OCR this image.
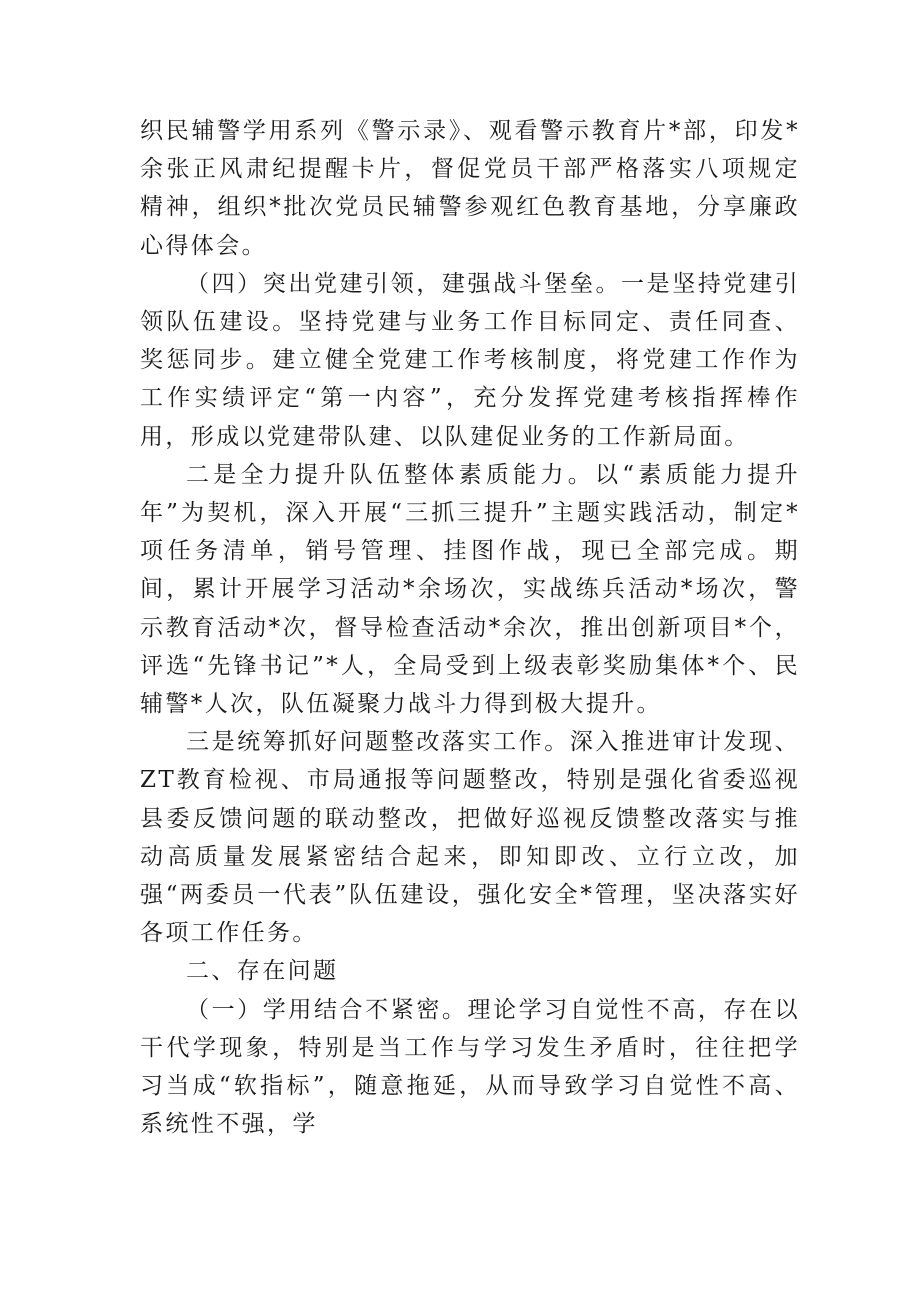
织民辅警学用系列《警示录》、观看警示教育片*部，印发*余张正风肃纪提醒卡片，督促党员干部严格落实八项规定精神，组织*批次党员民辅警参观红色教育基地，分享廉政心得体会。

（四）突出党建引领，建强战斗堡垒。一是坚持党建引领队伍建设。坚持党建与业务工作目标同定、责任同查、奖惩同步。建立健全党建工作考核制度，将党建工作作为工作实绩评定“第一内容”，充分发挥党建考核指挥棒作用，形成以党建带队建、以队建促业务的工作新局面。

二是全力提升队伍整体素质能力。以“素质能力提升年”为契机，深入开展“三抓三提升”主题实践活动，制定*项任务清单，销号管理、挂图作战，现已全部完成。期间，累计开展学习活动*余场次，实战练兵活动*场次，警示教育活动*次，督导检查活动*余次，推出创新项目*个，评选“先锋书记”*人，全局受到上级表彰奖励集体*个、民辅警*人次，队伍凝聚力战斗力得到极大提升。

三是统筹抓好问题整改落实工作。深入推进审计发现、ZT教育检视、市局通报等问题整改，特别是强化省委巡视县委反馈问题的联动整改，把做好巡视反馈整改落实与推动高质量发展紧密结合起来，即知即改、立行立改，加强“两委员一代表”队伍建设，强化安全*管理，坚决落实好各项工作任务。

二、存在问题

（一）学用结合不紧密。理论学习自觉性不高，存在以干代学现象，特别是当工作与学习发生矛盾时，往往把学习当成“软指标”，随意拖延，从而导致学习自觉性不高、系统性不强，学
